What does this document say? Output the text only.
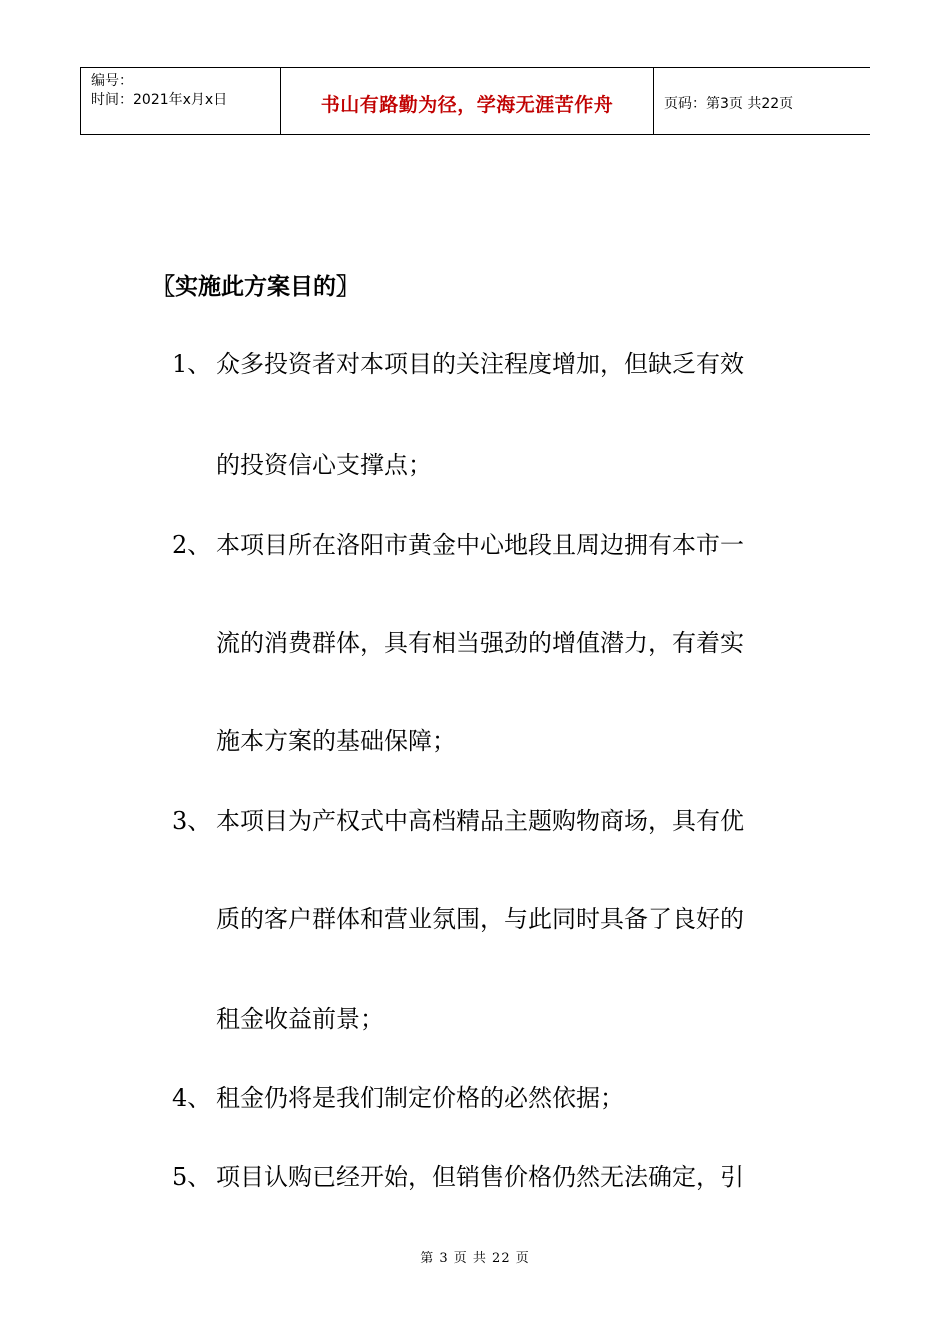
编号：
时间：2021年x月x日	书山有路勤为径，学海无涯苦作舟	页码：第3页 共22页
〖实施此方案目的〗
1、 众多投资者对本项目的关注程度增加，但缺乏有效
的投资信心支撑点；
2、 本项目所在洛阳市黄金中心地段且周边拥有本市一
流的消费群体，具有相当强劲的增值潜力，有着实
施本方案的基础保障；
3、 本项目为产权式中高档精品主题购物商场，具有优
质的客户群体和营业氛围，与此同时具备了良好的
租金收益前景；
4、 租金仍将是我们制定价格的必然依据；
5、 项目认购已经开始，但销售价格仍然无法确定，引
第 3 页 共 22 页
